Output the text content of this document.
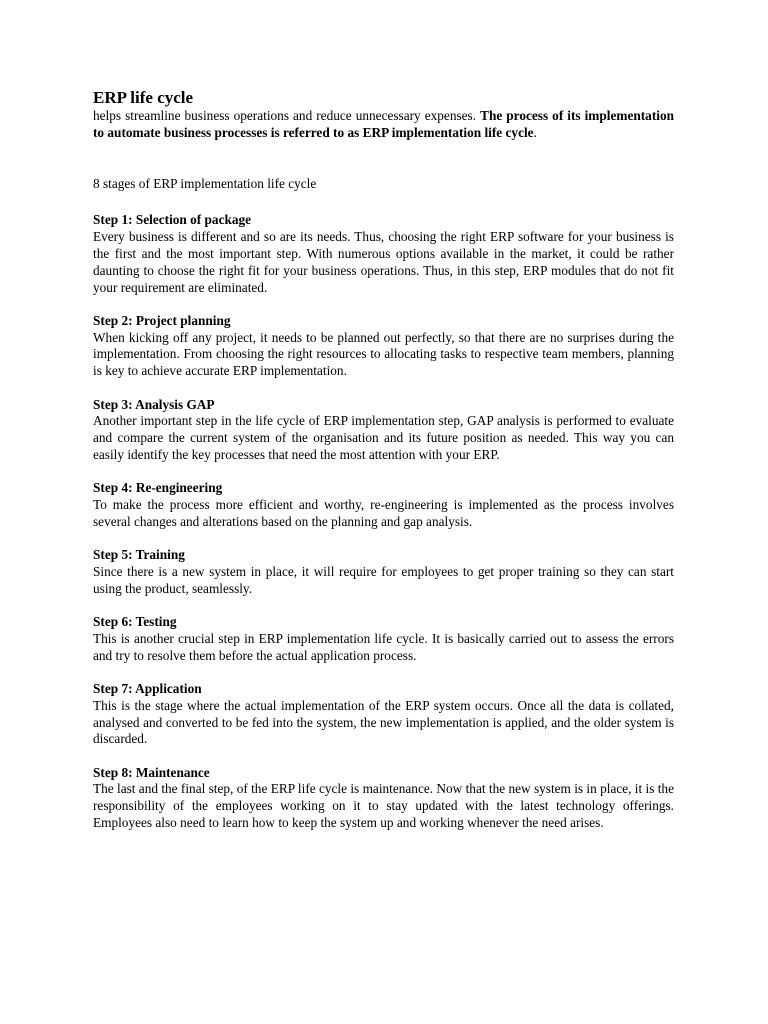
ERP life cycle

helps streamline business operations and reduce unnecessary expenses. The process of its implementation to automate business processes is referred to as ERP implementation life cycle.

8 stages of ERP implementation life cycle

Step 1: Selection of package

Every business is different and so are its needs. Thus, choosing the right ERP software for your business is the first and the most important step. With numerous options available in the market, it could be rather daunting to choose the right fit for your business operations. Thus, in this step, ERP modules that do not fit your requirement are eliminated.

Step 2: Project planning

When kicking off any project, it needs to be planned out perfectly, so that there are no surprises during the implementation. From choosing the right resources to allocating tasks to respective team members, planning is key to achieve accurate ERP implementation.

Step 3: Analysis GAP

Another important step in the life cycle of ERP implementation step, GAP analysis is performed to evaluate and compare the current system of the organisation and its future position as needed. This way you can easily identify the key processes that need the most attention with your ERP.

Step 4: Re-engineering

To make the process more efficient and worthy, re-engineering is implemented as the process involves several changes and alterations based on the planning and gap analysis.

Step 5: Training

Since there is a new system in place, it will require for employees to get proper training so they can start using the product, seamlessly.

Step 6: Testing

This is another crucial step in ERP implementation life cycle. It is basically carried out to assess the errors and try to resolve them before the actual application process.

Step 7: Application

This is the stage where the actual implementation of the ERP system occurs. Once all the data is collated, analysed and converted to be fed into the system, the new implementation is applied, and the older system is discarded.

Step 8: Maintenance

The last and the final step, of the ERP life cycle is maintenance. Now that the new system is in place, it is the responsibility of the employees working on it to stay updated with the latest technology offerings. Employees also need to learn how to keep the system up and working whenever the need arises.
